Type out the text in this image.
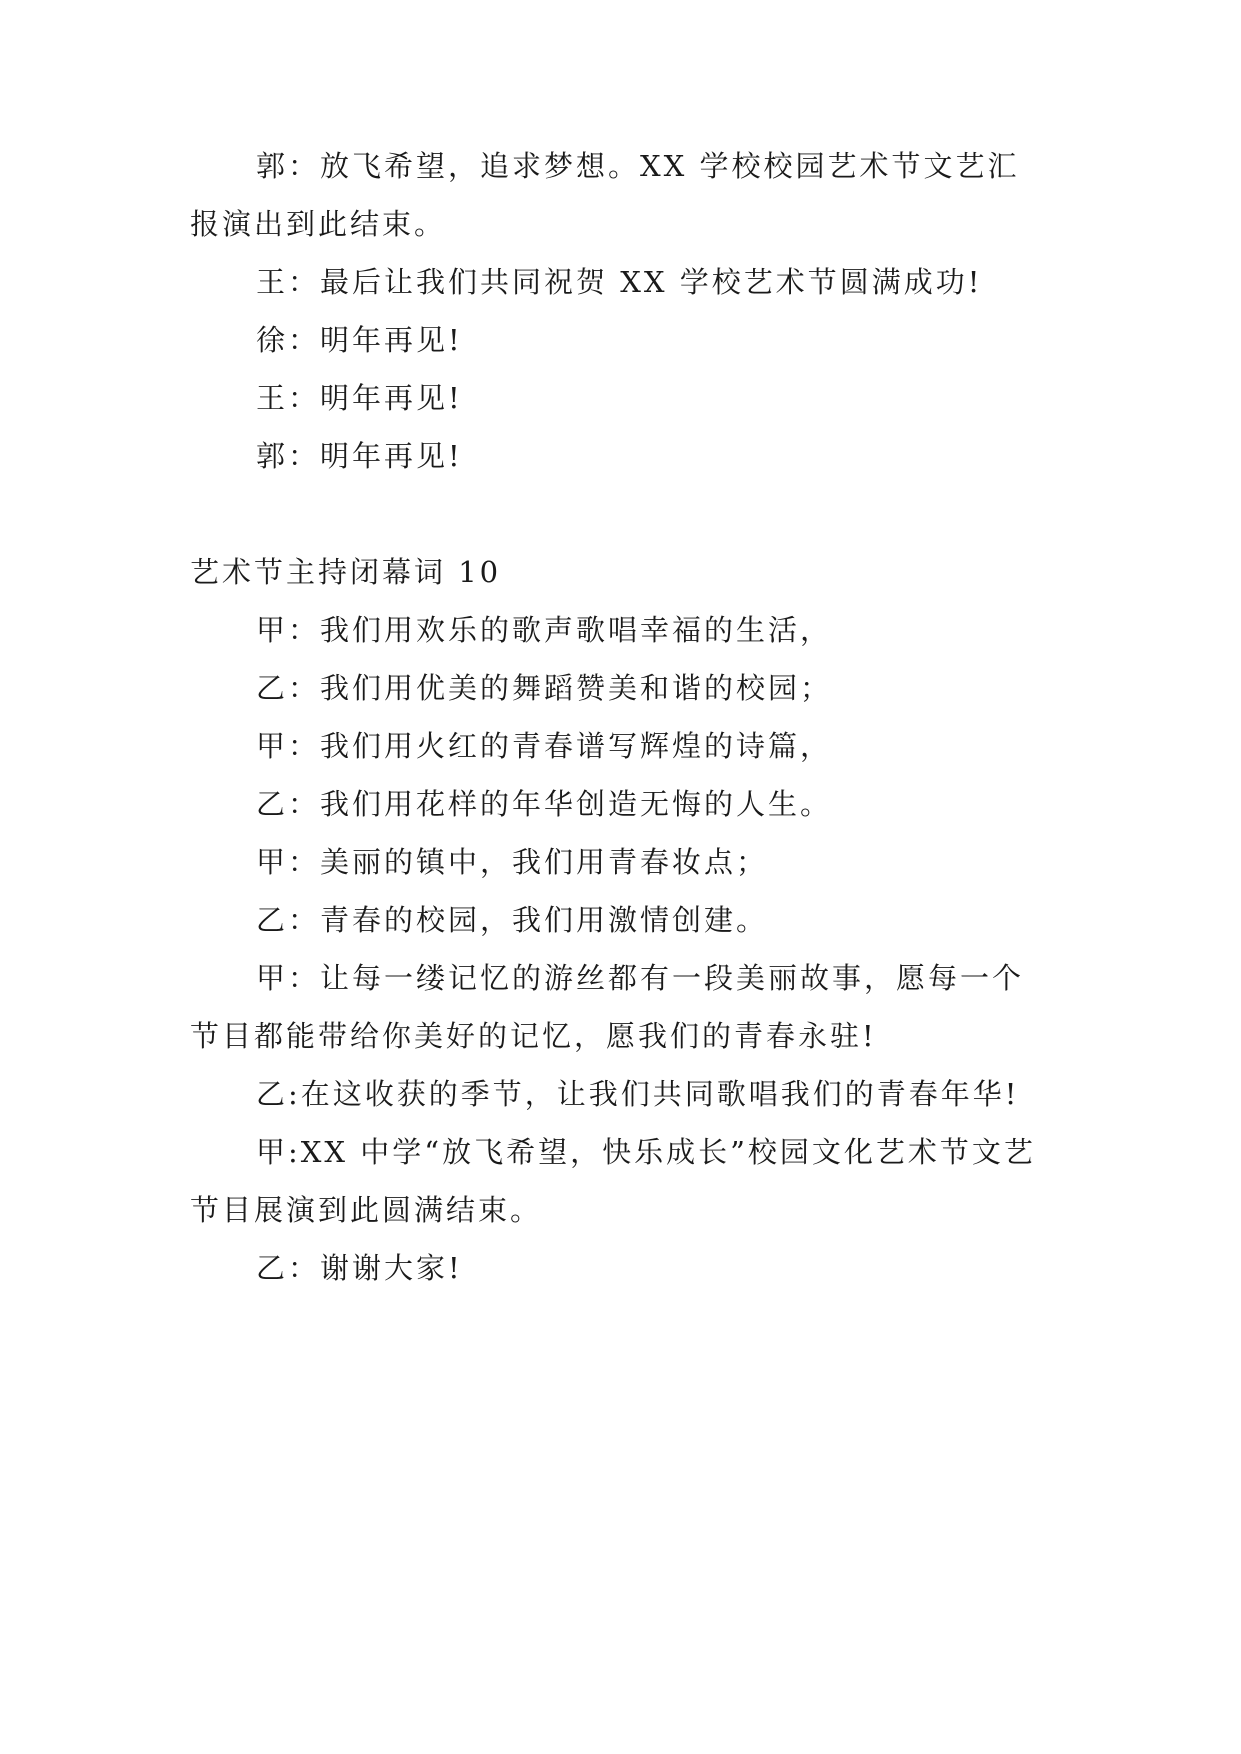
郭：放飞希望，追求梦想。XX 学校校园艺术节文艺汇报演出到此结束。

王：最后让我们共同祝贺 XX 学校艺术节圆满成功!

徐：明年再见!

王：明年再见!

郭：明年再见!

艺术节主持闭幕词 10

甲：我们用欢乐的歌声歌唱幸福的生活，

乙：我们用优美的舞蹈赞美和谐的校园；

甲：我们用火红的青春谱写辉煌的诗篇，

乙：我们用花样的年华创造无悔的人生。

甲：美丽的镇中，我们用青春妆点；

乙：青春的校园，我们用激情创建。

甲：让每一缕记忆的游丝都有一段美丽故事，愿每一个节目都能带给你美好的记忆，愿我们的青春永驻!

乙:在这收获的季节，让我们共同歌唱我们的青春年华!

甲:XX 中学“放飞希望，快乐成长”校园文化艺术节文艺节目展演到此圆满结束。

乙：谢谢大家!
